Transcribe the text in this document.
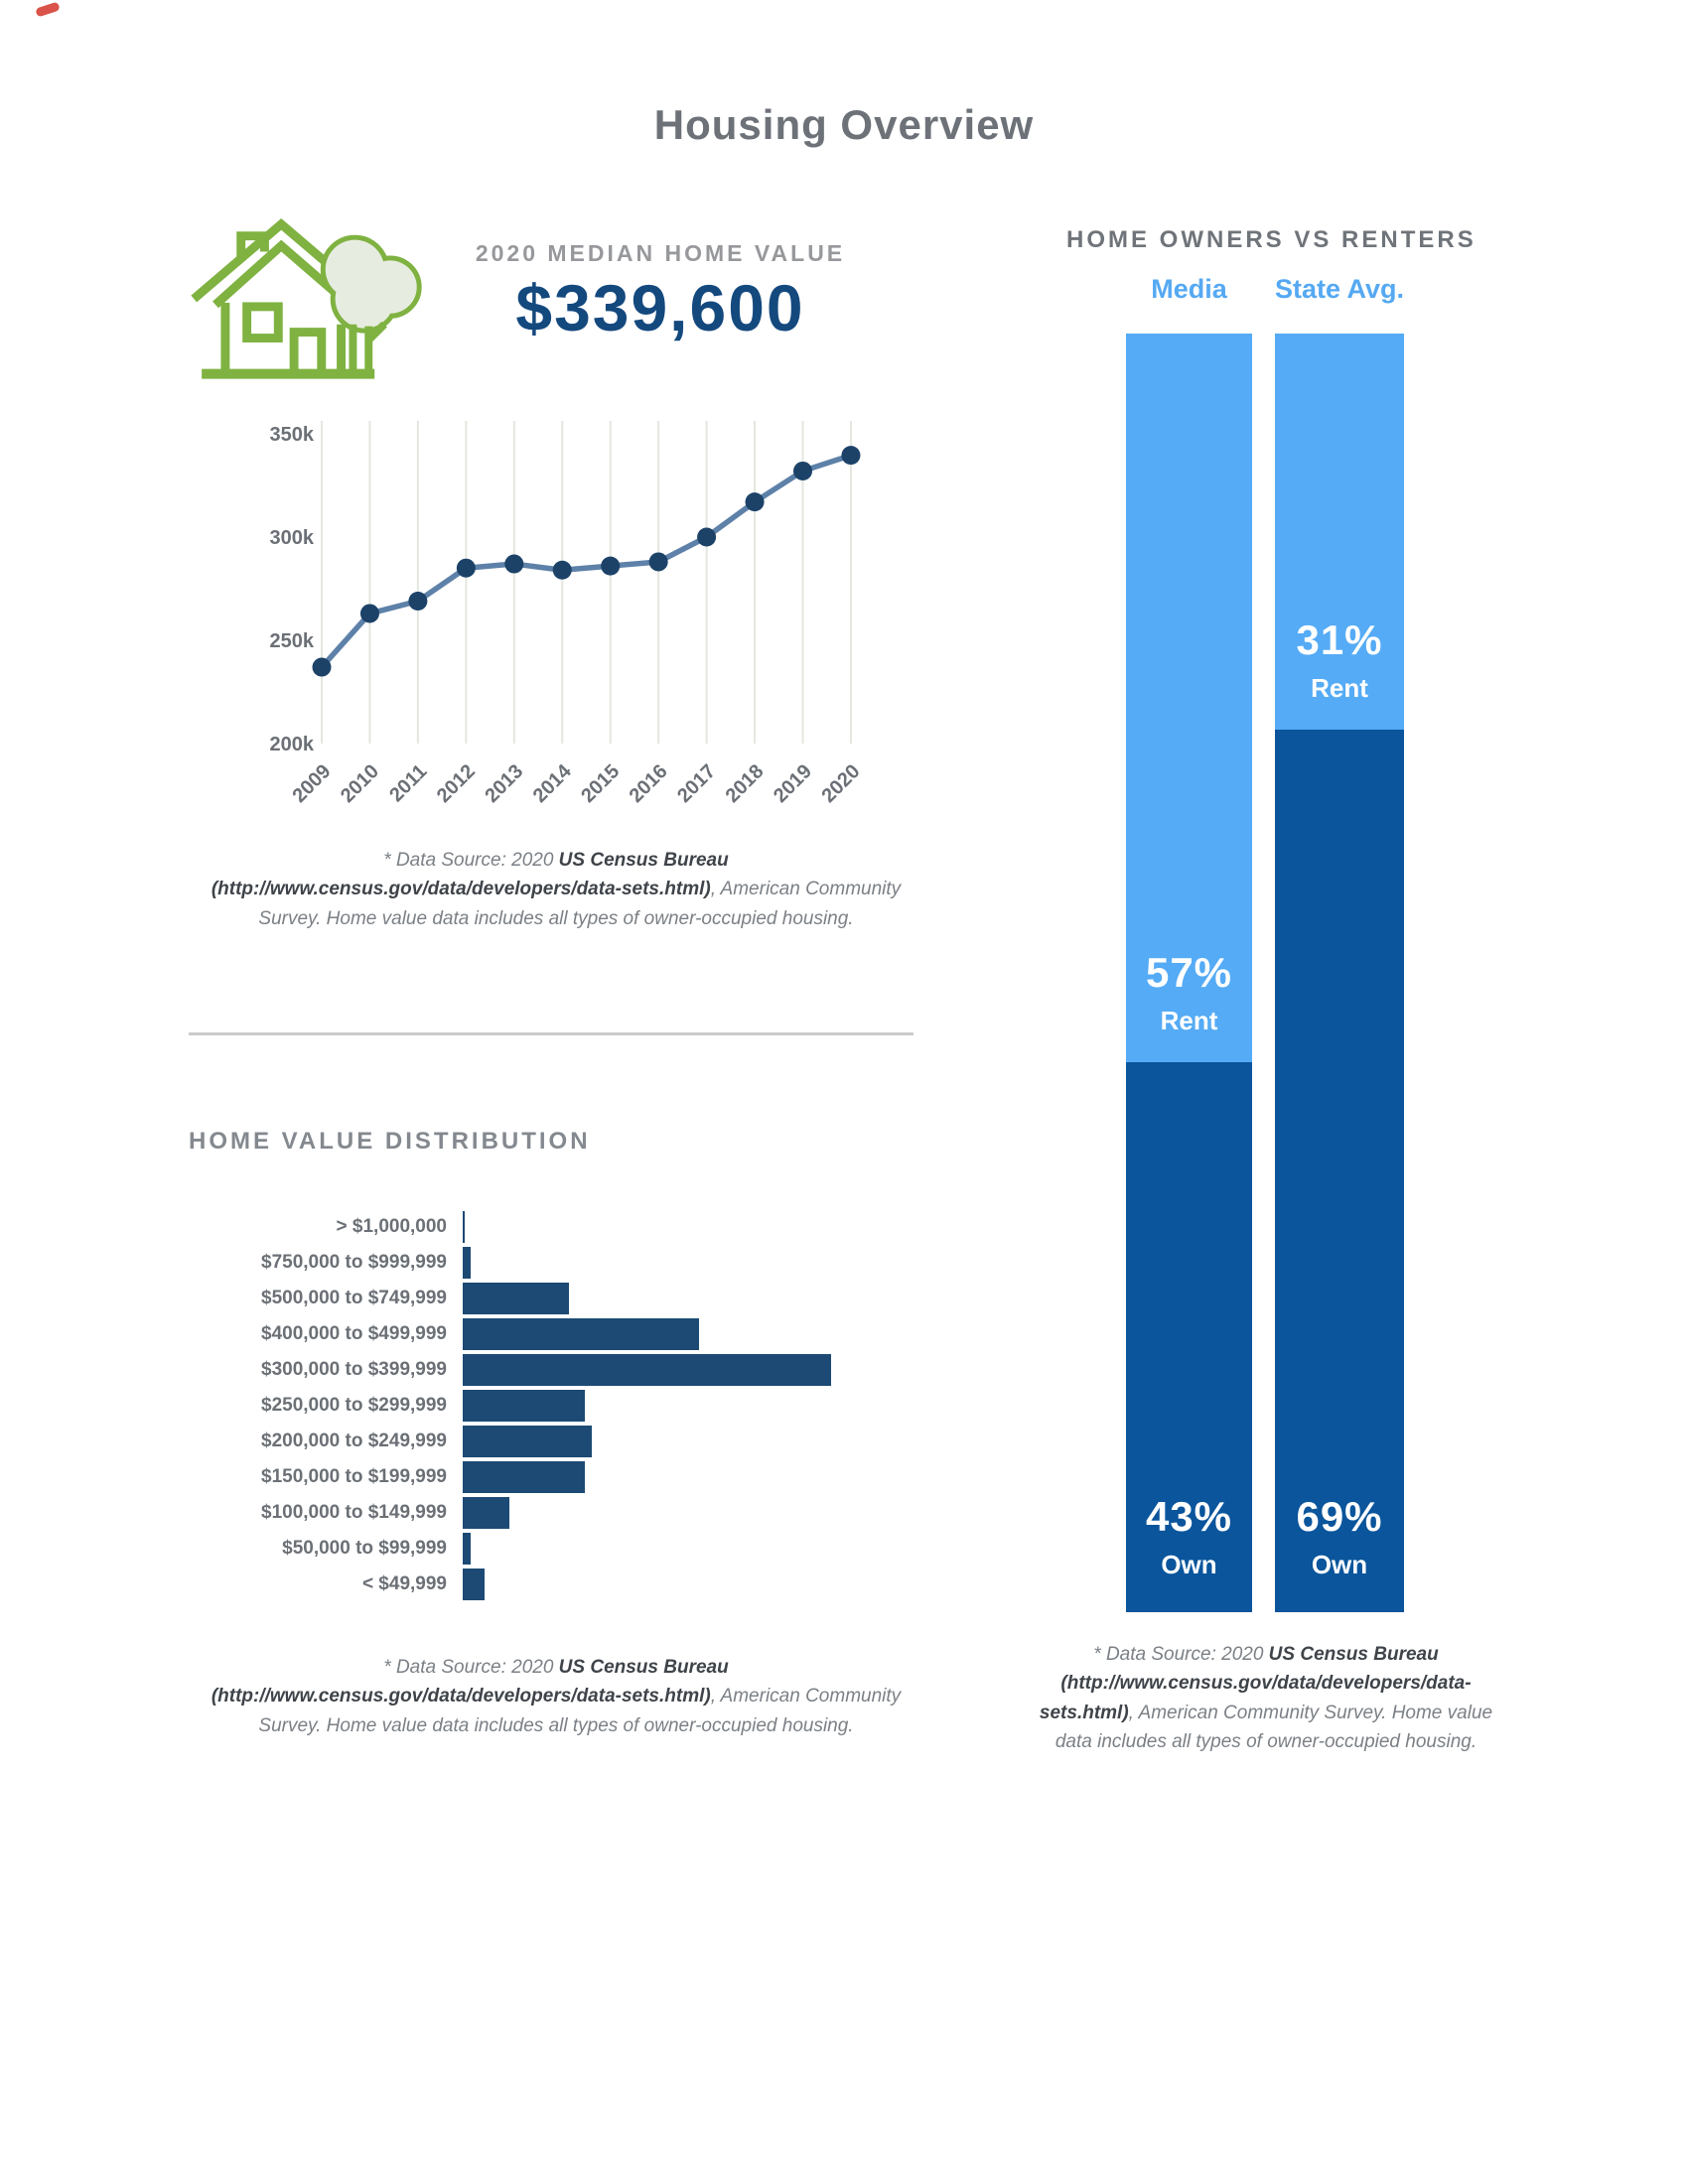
Housing Overview
2020 MEDIAN HOME VALUE
$339,600
2009 2010 2011 2012 2013 2014 2015 2016 2017 2018 2019 2020
350k
300k
250k
200k

* Data Source: 2020 US Census Bureau (http://www.census.gov/data/developers/data-sets.html), American Community Survey. Home value data includes all types of owner-occupied housing.

HOME VALUE DISTRIBUTION
> $1,000,000
$750,000 to $999,999
$500,000 to $749,999
$400,000 to $499,999
$300,000 to $399,999
$250,000 to $299,999
$200,000 to $249,999
$150,000 to $199,999
$100,000 to $149,999
$50,000 to $99,999
< $49,999

* Data Source: 2020 US Census Bureau (http://www.census.gov/data/developers/data-sets.html), American Community Survey. Home value data includes all types of owner-occupied housing.

HOME OWNERS VS RENTERS
Media
57%
Rent
43%
Own
State Avg.
31%
Rent
69%
Own

* Data Source: 2020 US Census Bureau (http://www.census.gov/data/developers/data-sets.html), American Community Survey. Home value data includes all types of owner-occupied housing.
